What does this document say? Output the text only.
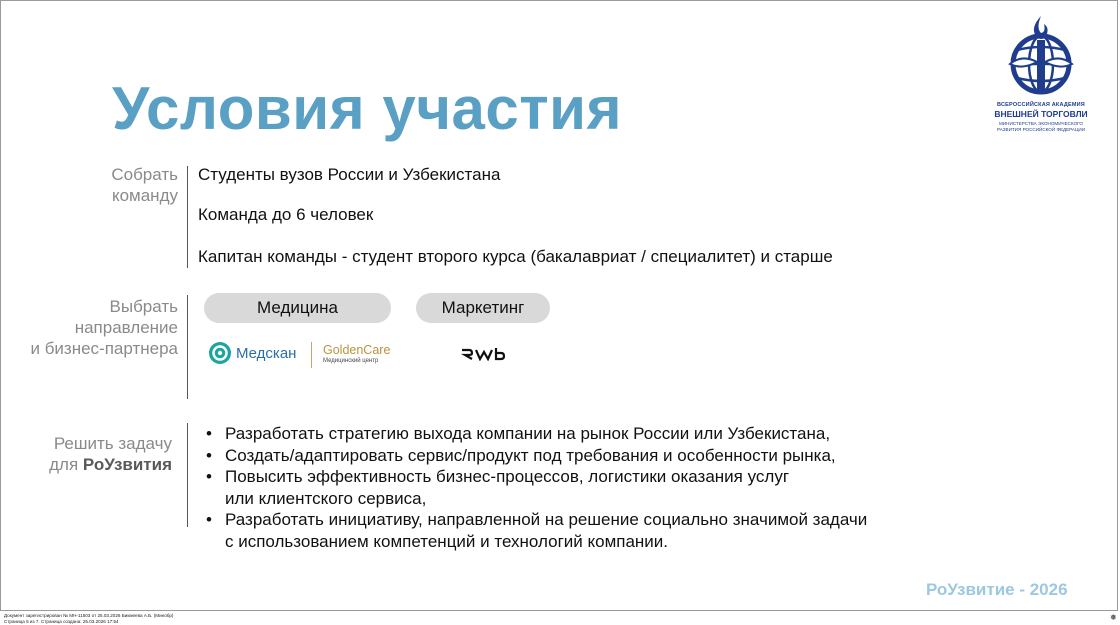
Условия участия	ВСЕРОССИЙСКАЯ АКАДЕМИЯ
ВНЕШНЕЙ ТОРГОВЛИ
МИНИСТЕРСТВА ЭКОНОМИЧЕСКОГО
РАЗВИТИЯ РОССИЙСКОЙ ФЕДЕРАЦИИ
Собрать
команду
Студенты вузов России и Узбекистана
Команда до 6 человек
Капитан команды - студент второго курса (бакалавриат / специалитет) и старше
Выбрать
направление
и бизнес-партнера
Медицина	Маркетинг
Медскан GoldenCare
Медицинский центр
Решить задачу
для РоУзвития
• Разработать стратегию выхода компании на рынок России или Узбекистана,
• Создать/адаптировать сервис/продукт под требования и особенности рынка,
• Повысить эффективность бизнес-процессов, логистики оказания услуг
или клиентского сервиса,
• Разработать инициативу, направленной на решение социально значимой задачи
с использованием компетенций и технологий компании.
РоУзвитие - 2026
Документ зарегистрирован № МН-11503 от 25.03.2026 Бикмеева А.Б. (Минобр)
Страница 5 из 7. Страница создана: 25.03.2026 17:54	❅
